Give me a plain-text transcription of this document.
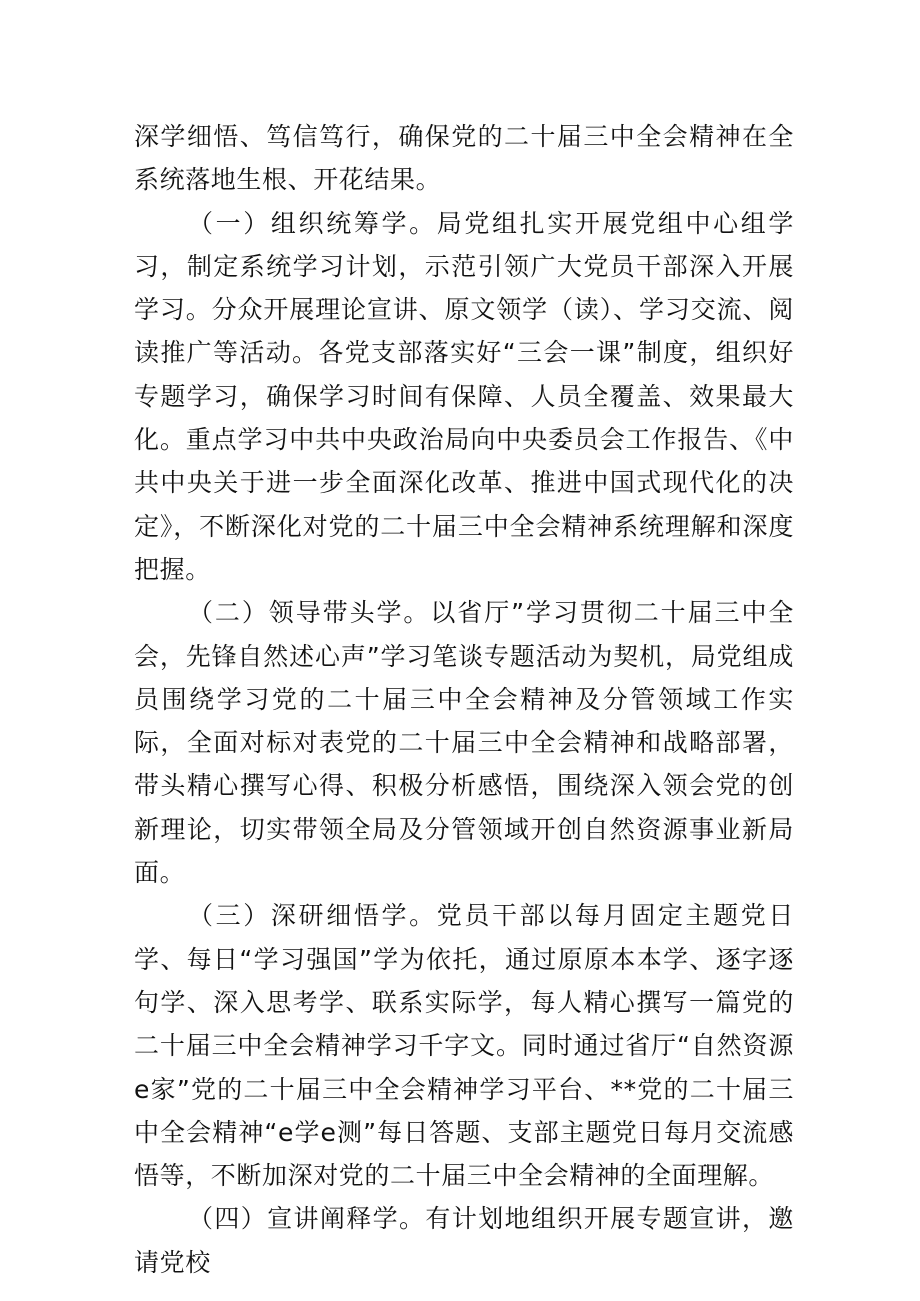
深学细悟、笃信笃行，确保党的二十届三中全会精神在全系统落地生根、开花结果。

（一）组织统筹学。局党组扎实开展党组中心组学习，制定系统学习计划，示范引领广大党员干部深入开展学习。分众开展理论宣讲、原文领学（读）、学习交流、阅读推广等活动。各党支部落实好“三会一课”制度，组织好专题学习，确保学习时间有保障、人员全覆盖、效果最大化。重点学习中共中央政治局向中央委员会工作报告、《中共中央关于进一步全面深化改革、推进中国式现代化的决定》，不断深化对党的二十届三中全会精神系统理解和深度把握。

（二）领导带头学。以省厅”学习贯彻二十届三中全会，先锋自然述心声”学习笔谈专题活动为契机，局党组成员围绕学习党的二十届三中全会精神及分管领域工作实际，全面对标对表党的二十届三中全会精神和战略部署，带头精心撰写心得、积极分析感悟，围绕深入领会党的创新理论，切实带领全局及分管领域开创自然资源事业新局面。

（三）深研细悟学。党员干部以每月固定主题党日学、每日“学习强国”学为依托，通过原原本本学、逐字逐句学、深入思考学、联系实际学，每人精心撰写一篇党的二十届三中全会精神学习千字文。同时通过省厅“自然资源e家”党的二十届三中全会精神学习平台、**党的二十届三中全会精神“e学e测”每日答题、支部主题党日每月交流感悟等，不断加深对党的二十届三中全会精神的全面理解。

（四）宣讲阐释学。有计划地组织开展专题宣讲，邀请党校
